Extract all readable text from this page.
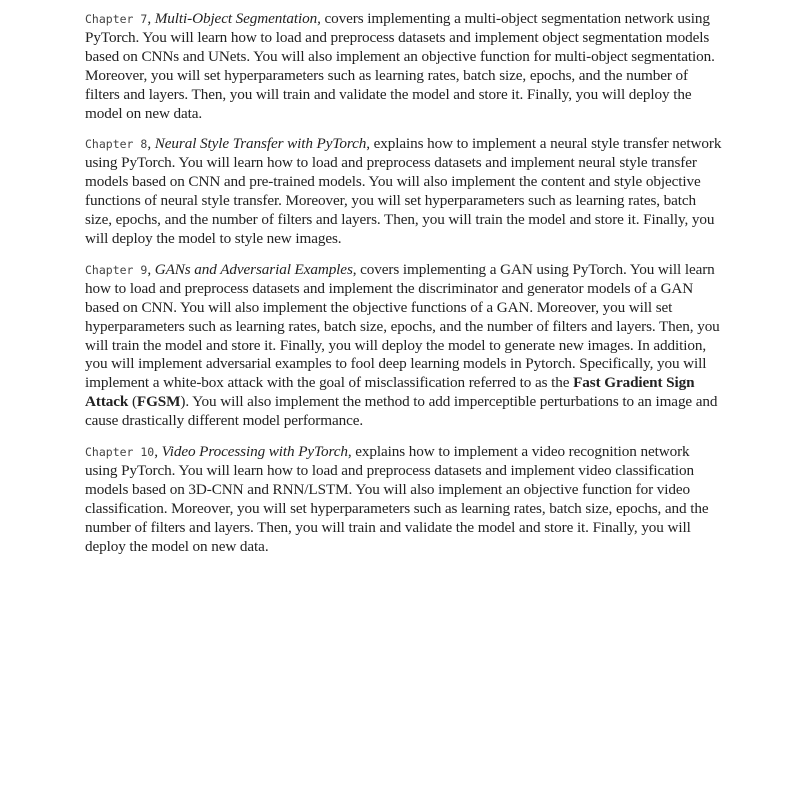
Chapter 7, Multi-Object Segmentation, covers implementing a multi-object segmentation network using PyTorch. You will learn how to load and preprocess datasets and implement object segmentation models based on CNNs and UNets. You will also implement an objective function for multi-object segmentation. Moreover, you will set hyperparameters such as learning rates, batch size, epochs, and the number of filters and layers. Then, you will train and validate the model and store it. Finally, you will deploy the model on new data.

Chapter 8, Neural Style Transfer with PyTorch, explains how to implement a neural style transfer network using PyTorch. You will learn how to load and preprocess datasets and implement neural style transfer models based on CNN and pre-trained models. You will also implement the content and style objective functions of neural style transfer. Moreover, you will set hyperparameters such as learning rates, batch size, epochs, and the number of filters and layers. Then, you will train the model and store it. Finally, you will deploy the model to style new images.

Chapter 9, GANs and Adversarial Examples, covers implementing a GAN using PyTorch. You will learn how to load and preprocess datasets and implement the discriminator and generator models of a GAN based on CNN. You will also implement the objective functions of a GAN. Moreover, you will set hyperparameters such as learning rates, batch size, epochs, and the number of filters and layers. Then, you will train the model and store it. Finally, you will deploy the model to generate new images. In addition, you will implement adversarial examples to fool deep learning models in Pytorch. Specifically, you will implement a white-box attack with the goal of misclassification referred to as the Fast Gradient Sign Attack (FGSM). You will also implement the method to add imperceptible perturbations to an image and cause drastically different model performance.

Chapter 10, Video Processing with PyTorch, explains how to implement a video recognition network using PyTorch. You will learn how to load and preprocess datasets and implement video classification models based on 3D-CNN and RNN/LSTM. You will also implement an objective function for video classification. Moreover, you will set hyperparameters such as learning rates, batch size, epochs, and the number of filters and layers. Then, you will train and validate the model and store it. Finally, you will deploy the model on new data.
